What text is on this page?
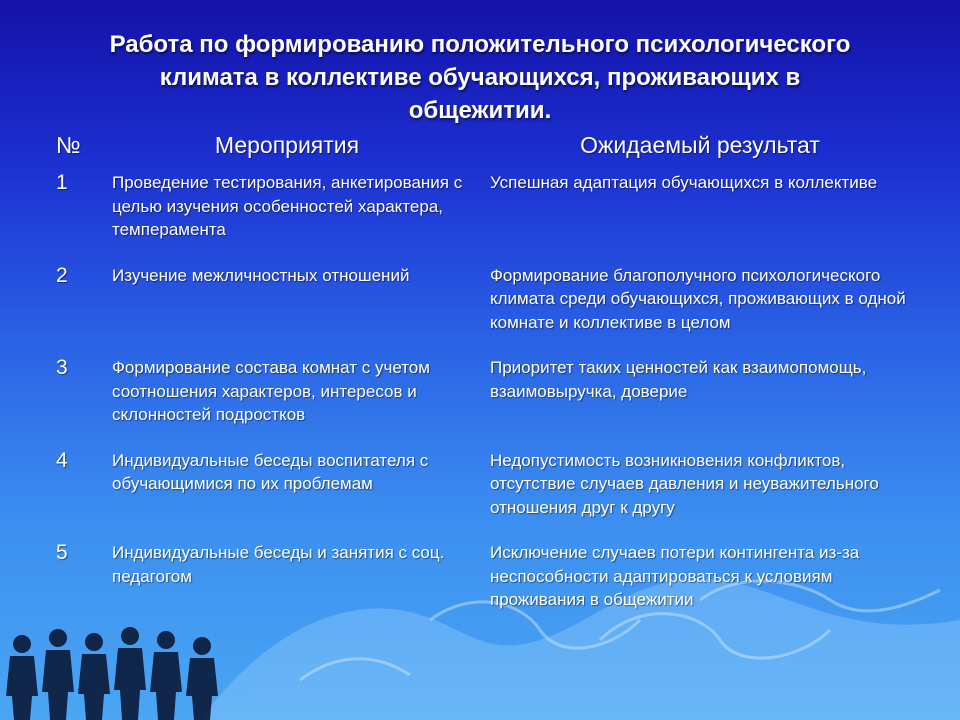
Работа по формированию положительного психологического
климата в коллективе обучающихся, проживающих в
общежитии.
№	Мероприятия	Ожидаемый результат
1	Проведение тестирования, анкетирования с целью изучения особенностей характера, темперамента	Успешная адаптация обучающихся в коллективе
2	Изучение межличностных отношений	Формирование благополучного психологического климата среди обучающихся, проживающих в одной комнате и коллективе в целом
3	Формирование состава комнат с учетом соотношения характеров, интересов и склонностей подростков	Приоритет таких ценностей как взаимопомощь, взаимовыручка, доверие
4	Индивидуальные беседы воспитателя с обучающимися по их проблемам	Недопустимость возникновения конфликтов, отсутствие случаев давления и неуважительного отношения друг к другу
5	Индивидуальные беседы и занятия с соц. педагогом	Исключение случаев потери контингента из-за неспособности адаптироваться к условиям проживания в общежитии
